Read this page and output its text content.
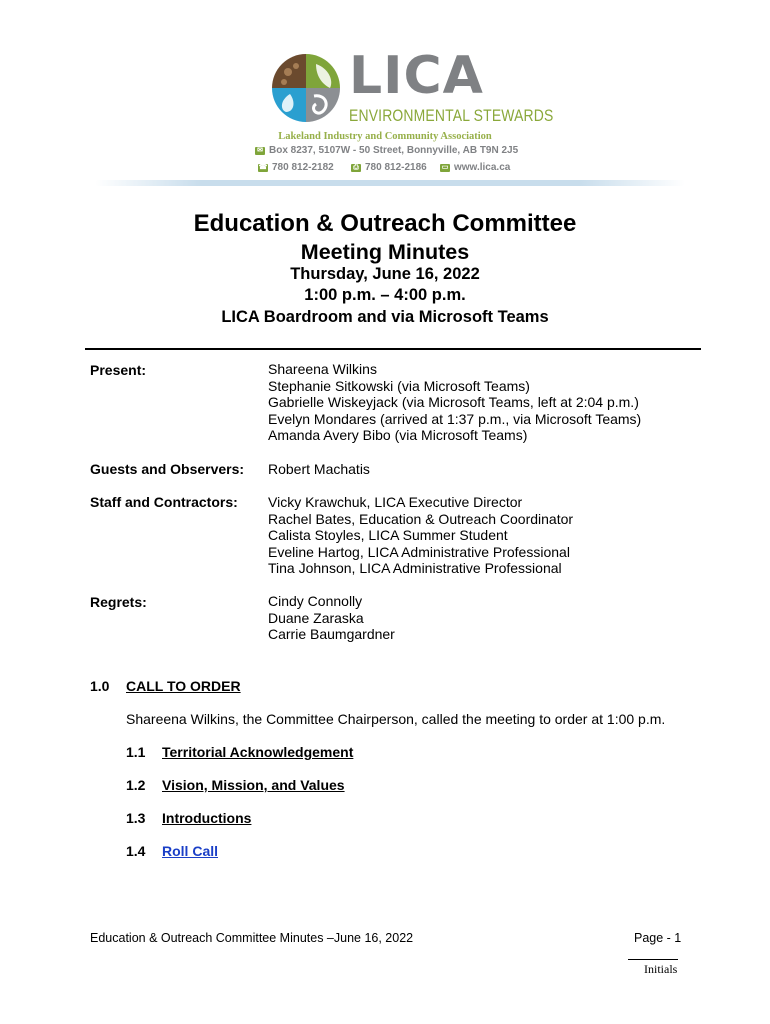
LICA
ENVIRONMENTAL STEWARDS
Lakeland Industry and Community Association
✉ Box 8237, 5107W - 50 Street, Bonnyville, AB T9N 2J5
☎ 780 812-2182	⎙ 780 812-2186 ▭ www.lica.ca
Education & Outreach Committee
Meeting Minutes
Thursday, June 16, 2022
1:00 p.m. – 4:00 p.m.
LICA Boardroom and via Microsoft Teams
Present:	Shareena Wilkins
Stephanie Sitkowski (via Microsoft Teams)
Gabrielle Wiskeyjack (via Microsoft Teams, left at 2:04 p.m.)
Evelyn Mondares (arrived at 1:37 p.m., via Microsoft Teams)
Amanda Avery Bibo (via Microsoft Teams)
Guests and Observers: Robert Machatis
Staff and Contractors: Vicky Krawchuk, LICA Executive Director
Rachel Bates, Education & Outreach Coordinator
Calista Stoyles, LICA Summer Student
Eveline Hartog, LICA Administrative Professional
Tina Johnson, LICA Administrative Professional
Regrets:	Cindy Connolly
Duane Zaraska
Carrie Baumgardner
1.0 CALL TO ORDER
Shareena Wilkins, the Committee Chairperson, called the meeting to order at 1:00 p.m.
1.1 Territorial Acknowledgement
1.2 Vision, Mission, and Values
1.3 Introductions
1.4 Roll Call
Education & Outreach Committee Minutes –June 16, 2022	Page - 1
Initials
